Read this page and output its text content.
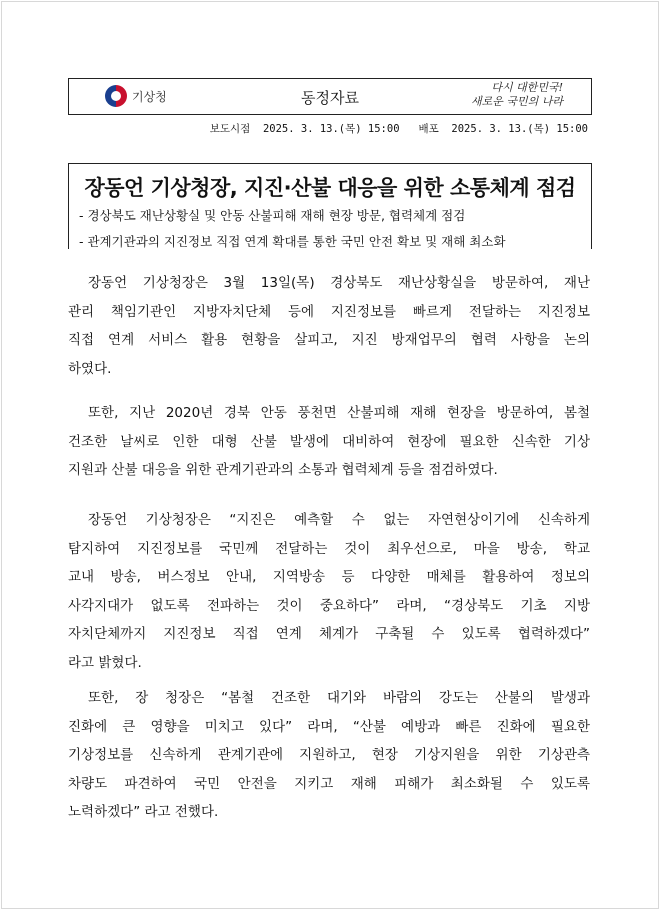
기상청	동정자료
다시 대한민국!
새로운 국민의 나라
보도시점  2025. 3. 13.(목) 15:00   배포  2025. 3. 13.(목) 15:00
장동언 기상청장, 지진·산불 대응을 위한 소통체계 점검
- 경상북도 재난상황실 및 안동 산불피해 재해 현장 방문, 협력체계 점검
- 관계기관과의 지진정보 직접 연계 확대를 통한 국민 안전 확보 및 재해 최소화
장동언 기상청장은 3월 13일(목) 경상북도 재난상황실을 방문하여, 재난
관리 책임기관인 지방자치단체 등에 지진정보를 빠르게 전달하는 지진정보
직접 연계 서비스 활용 현황을 살피고, 지진 방재업무의 협력 사항을 논의
하였다.
또한, 지난 2020년 경북 안동 풍천면 산불피해 재해 현장을 방문하여, 봄철
건조한 날씨로 인한 대형 산불 발생에 대비하여 현장에 필요한 신속한 기상
지원과 산불 대응을 위한 관계기관과의 소통과 협력체계 등을 점검하였다.
장동언 기상청장은 “지진은 예측할 수 없는 자연현상이기에 신속하게
탐지하여 지진정보를 국민께 전달하는 것이 최우선으로, 마을 방송, 학교
교내 방송, 버스정보 안내, 지역방송 등 다양한 매체를 활용하여 정보의
사각지대가 없도록 전파하는 것이 중요하다” 라며, “경상북도 기초 지방
자치단체까지 지진정보 직접 연계 체계가 구축될 수 있도록 협력하겠다”
라고 밝혔다.
또한, 장 청장은 “봄철 건조한 대기와 바람의 강도는 산불의 발생과
진화에 큰 영향을 미치고 있다” 라며, “산불 예방과 빠른 진화에 필요한
기상정보를 신속하게 관계기관에 지원하고, 현장 기상지원을 위한 기상관측
차량도 파견하여 국민 안전을 지키고 재해 피해가 최소화될 수 있도록
노력하겠다” 라고 전했다.
